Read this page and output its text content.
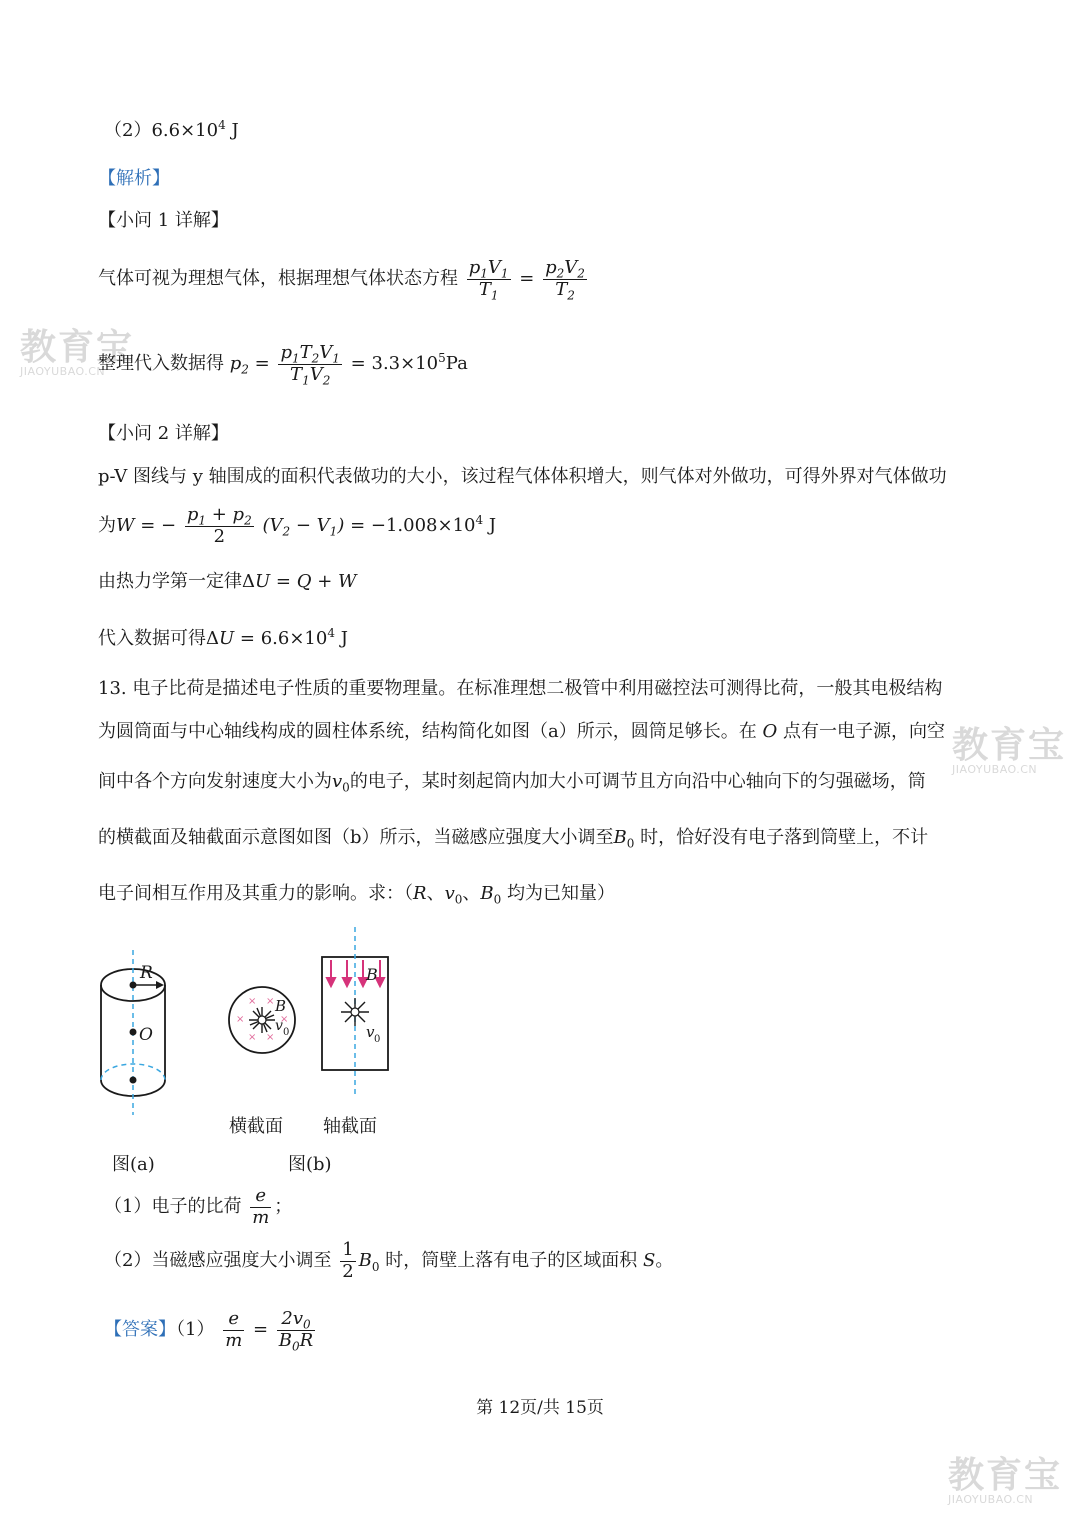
教育宝
JIAOYUBAO.CN
教育宝
JIAOYUBAO.CN
教育宝
JIAOYUBAO.CN
$(2)6.6\times 10^4$ J
【解析】
【小问 1 详解】
气体可视为理想气体，根据理想气体状态方程 $\frac{p_1V_1}{T_1} = \frac{p_2V_2}{T_2}$
整理代入数据得 $p_2 = \frac{p_1T_2V_1}{T_1V_2} = 3.3\times 10^5Pa$
【小问 2 详解】
p-V 图线与 y 轴围成的面积代表做功的大小，该过程气体体积增大，则气体对外做功，可得外界对气体做功
为W = − $\frac{p_1 + p_2}{2} (V_2 - V_1) = -1.008\times 10^4$ J
由热力学第一定律ΔU = Q + W
代入数据可得$\Delta U = 6.6\times 10^4$ J
13. 电子比荷是描述电子性质的重要物理量。在标准理想二极管中利用磁控法可测得比荷，一般其电极结构
为圆筒面与中心轴线构成的圆柱体系统，结构简化如图（a）所示，圆筒足够长。在 O 点有一电子源，向空
间中各个方向发射速度大小为$v_0$的电子，某时刻起筒内加大小可调节且方向沿中心轴向下的匀强磁场，筒
的横截面及轴截面示意图如图（b）所示，当磁感应强度大小调至$B_0$ 时，恰好没有电子落到筒壁上，不计
电子间相互作用及其重力的影响。求：（R、$v_0$、$B_0$ 均为已知量）
R
O
× ×
×	×
× ×
B
v 0
B
v 0
横截面 轴截面
图(a)	图(b)
（1）电子的比荷 $\frac{e}{m}$ ；
（2）当磁感应强度大小调至 $\frac{1}{2} B_0$ 时，筒壁上落有电子的区域面积 S。
【答案】$(1) \frac{e}{m} = \frac{2v_0}{B_0R}$
第 12页/共 15页
